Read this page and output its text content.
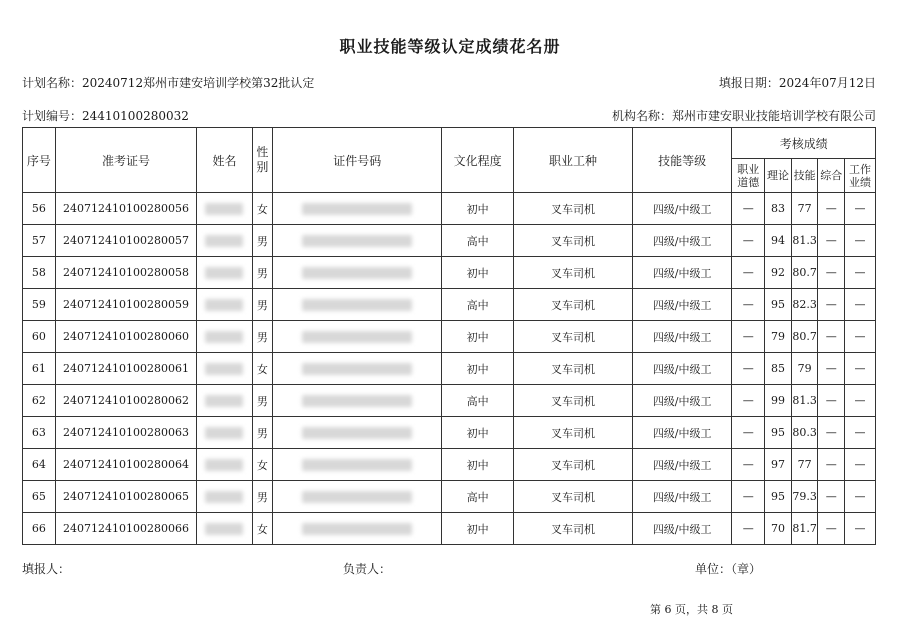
职业技能等级认定成绩花名册
计划名称：20240712郑州市建安培训学校第32批认定	填报日期：2024年07月12日
计划编号：24410100280032	机构名称：郑州市建安职业技能培训学校有限公司
序号	准考证号	姓名	性别	证件号码	文化程度	职业工种	技能等级	考核成绩				
								职业道德	理论	技能	综合	工作业绩
56	240712410100280056		女		初中	叉车司机	四级/中级工	—	83	77	—	—
57	240712410100280057		男		高中	叉车司机	四级/中级工	—	94	81.3	—	—
58	240712410100280058		男		初中	叉车司机	四级/中级工	—	92	80.7	—	—
59	240712410100280059		男		高中	叉车司机	四级/中级工	—	95	82.3	—	—
60	240712410100280060		男		初中	叉车司机	四级/中级工	—	79	80.7	—	—
61	240712410100280061		女		初中	叉车司机	四级/中级工	—	85	79	—	—
62	240712410100280062		男		高中	叉车司机	四级/中级工	—	99	81.3	—	—
63	240712410100280063		男		初中	叉车司机	四级/中级工	—	95	80.3	—	—
64	240712410100280064		女		初中	叉车司机	四级/中级工	—	97	77	—	—
65	240712410100280065		男		高中	叉车司机	四级/中级工	—	95	79.3	—	—
66	240712410100280066		女		初中	叉车司机	四级/中级工	—	70	81.7	—	—
填报人：	负责人：	单位：（章）
第 6 页，共 8 页
